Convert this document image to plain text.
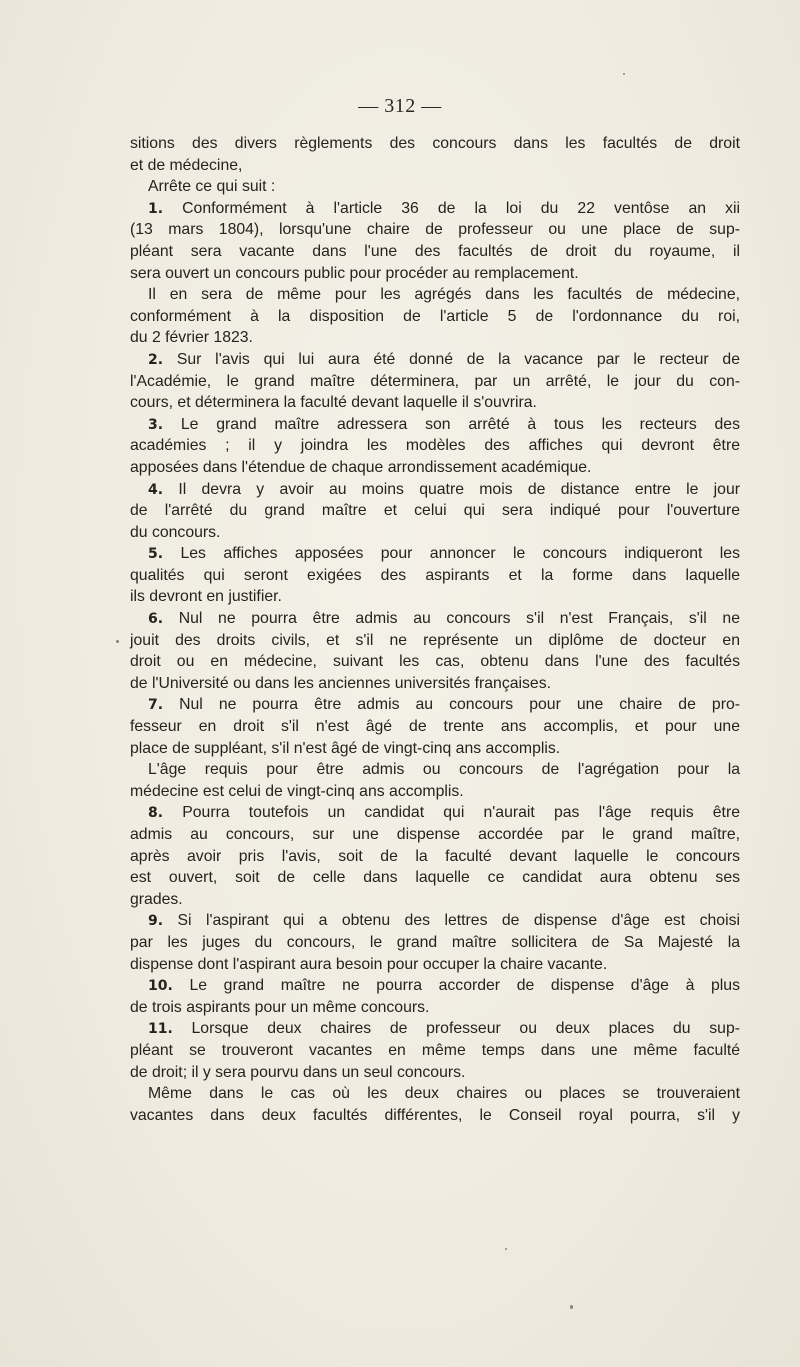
— 312 —
sitions des divers règlements des concours dans les facultés de droit
et de médecine,
Arrête ce qui suit :
1. Conformément à l'article 36 de la loi du 22 ventôse an xii
(13 mars 1804), lorsqu'une chaire de professeur ou une place de sup-
pléant sera vacante dans l'une des facultés de droit du royaume, il
sera ouvert un concours public pour procéder au remplacement.
Il en sera de même pour les agrégés dans les facultés de médecine,
conformément à la disposition de l'article 5 de l'ordonnance du roi,
du 2 février 1823.
2. Sur l'avis qui lui aura été donné de la vacance par le recteur de
l'Académie, le grand maître déterminera, par un arrêté, le jour du con-
cours, et déterminera la faculté devant laquelle il s'ouvrira.
3. Le grand maître adressera son arrêté à tous les recteurs des
académies ; il y joindra les modèles des affiches qui devront être
apposées dans l'étendue de chaque arrondissement académique.
4. Il devra y avoir au moins quatre mois de distance entre le jour
de l'arrêté du grand maître et celui qui sera indiqué pour l'ouverture
du concours.
5. Les affiches apposées pour annoncer le concours indiqueront les
qualités qui seront exigées des aspirants et la forme dans laquelle
ils devront en justifier.
6. Nul ne pourra être admis au concours s'il n'est Français, s'il ne
jouit des droits civils, et s'il ne représente un diplôme de docteur en
droit ou en médecine, suivant les cas, obtenu dans l'une des facultés
de l'Université ou dans les anciennes universités françaises.
7. Nul ne pourra être admis au concours pour une chaire de pro-
fesseur en droit s'il n'est âgé de trente ans accomplis, et pour une
place de suppléant, s'il n'est âgé de vingt-cinq ans accomplis.
L'âge requis pour être admis ou concours de l'agrégation pour la
médecine est celui de vingt-cinq ans accomplis.
8. Pourra toutefois un candidat qui n'aurait pas l'âge requis être
admis au concours, sur une dispense accordée par le grand maître,
après avoir pris l'avis, soit de la faculté devant laquelle le concours
est ouvert, soit de celle dans laquelle ce candidat aura obtenu ses
grades.
9. Si l'aspirant qui a obtenu des lettres de dispense d'âge est choisi
par les juges du concours, le grand maître sollicitera de Sa Majesté la
dispense dont l'aspirant aura besoin pour occuper la chaire vacante.
10. Le grand maître ne pourra accorder de dispense d'âge à plus
de trois aspirants pour un même concours.
11. Lorsque deux chaires de professeur ou deux places du sup-
pléant se trouveront vacantes en même temps dans une même faculté
de droit; il y sera pourvu dans un seul concours.
Même dans le cas où les deux chaires ou places se trouveraient
vacantes dans deux facultés différentes, le Conseil royal pourra, s'il y
